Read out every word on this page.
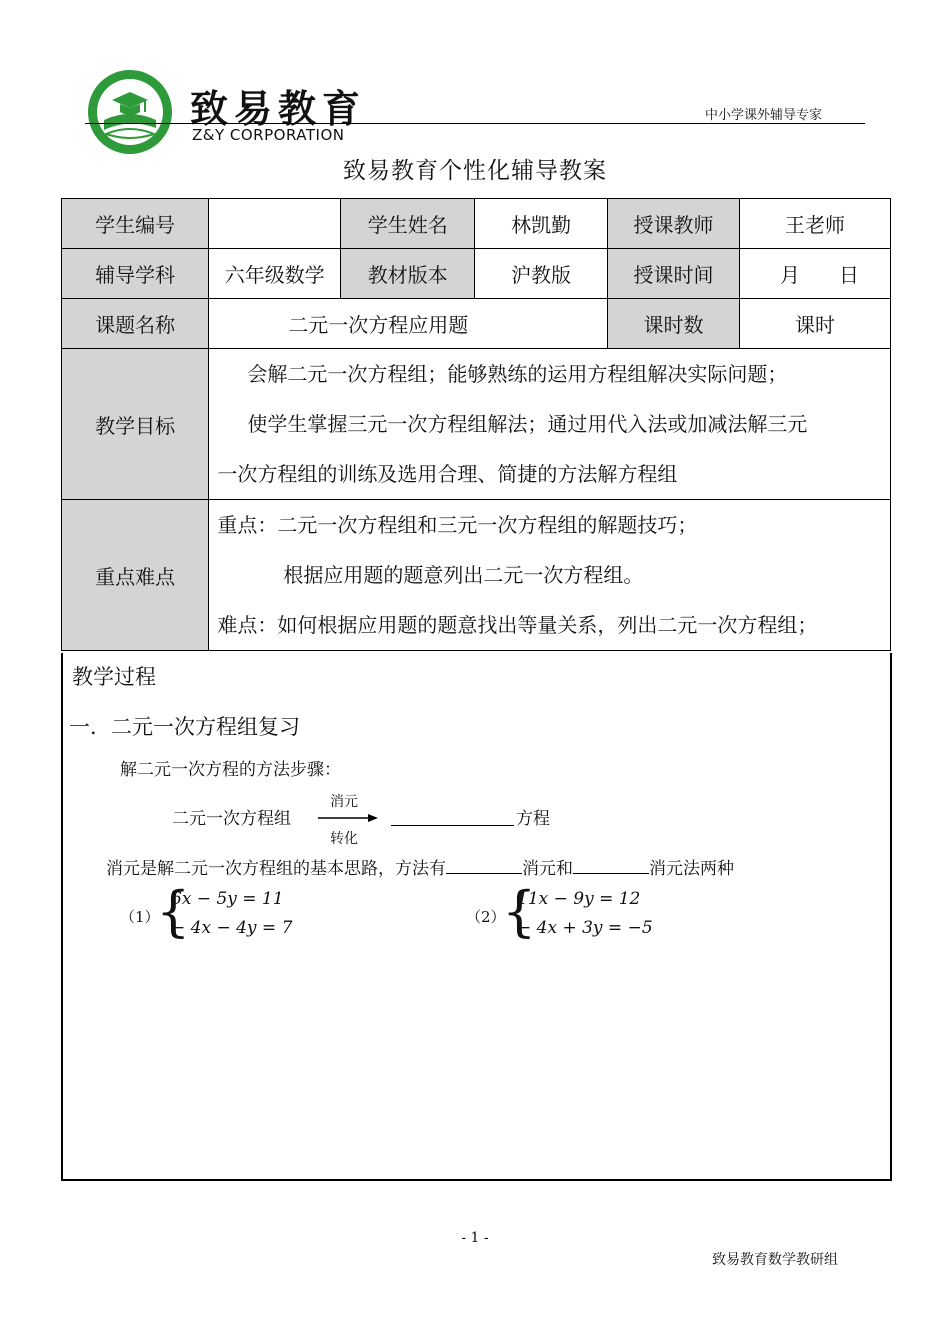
致易教育
Z&Y CORPORATION
中小学课外辅导专家
致易教育个性化辅导教案
学生编号		学生姓名	林凯勤	授课教师	王老师
辅导学科	六年级数学	教材版本	沪教版	授课时间	月 日
课题名称	二元一次方程应用题			课时数	课时
教学目标	会解二元一次方程组；能够熟练的运用方程组解决实际问题；
使学生掌握三元一次方程组解法；通过用代入法或加减法解三元
一次方程组的训练及选用合理、简捷的方法解方程组				

重点难点	重点：二元一次方程组和三元一次方程组的解题技巧；
根据应用题的题意列出二元一次方程组。
难点：如何根据应用题的题意找出等量关系，列出二元一次方程组；				
教学过程
一．二元一次方程组复习
解二元一次方程的方法步骤：
二元一次方程组
消元
转化
方程
消元是解二元一次方程组的基本思路，方法有	消元和	消元法两种
（1）
{
6x − 5y = 11
− 4x − 4y = 7
（2）
{
11x − 9y = 12
− 4x + 3y = −5
- 1 -
致易教育数学教研组
